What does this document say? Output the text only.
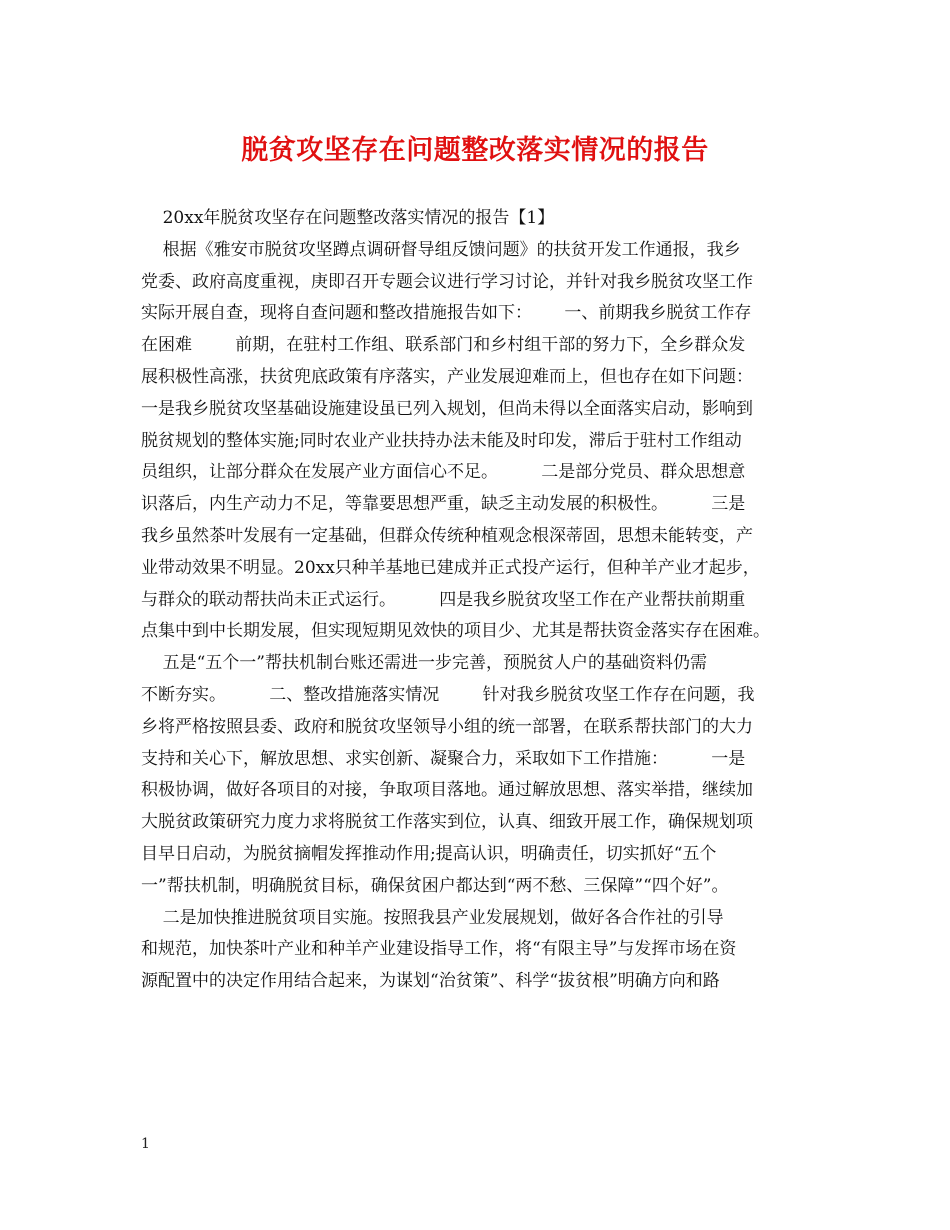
脱贫攻坚存在问题整改落实情况的报告
20xx年脱贫攻坚存在问题整改落实情况的报告【1】
根据《雅安市脱贫攻坚蹲点调研督导组反馈问题》的扶贫开发工作通报，我乡
党委、政府高度重视，庚即召开专题会议进行学习讨论，并针对我乡脱贫攻坚工作
实际开展自查，现将自查问题和整改措施报告如下：      一、前期我乡脱贫工作存
在困难        前期，在驻村工作组、联系部门和乡村组干部的努力下，全乡群众发
展积极性高涨，扶贫兜底政策有序落实，产业发展迎难而上，但也存在如下问题：
一是我乡脱贫攻坚基础设施建设虽已列入规划，但尚未得以全面落实启动，影响到
脱贫规划的整体实施;同时农业产业扶持办法未能及时印发，滞后于驻村工作组动
员组织，让部分群众在发展产业方面信心不足。        二是部分党员、群众思想意
识落后，内生产动力不足，等靠要思想严重，缺乏主动发展的积极性。        三是
我乡虽然茶叶发展有一定基础，但群众传统种植观念根深蒂固，思想未能转变，产
业带动效果不明显。20xx只种羊基地已建成并正式投产运行，但种羊产业才起步，
与群众的联动帮扶尚未正式运行。        四是我乡脱贫攻坚工作在产业帮扶前期重
点集中到中长期发展，但实现短期见效快的项目少、尤其是帮扶资金落实存在困难。
五是“五个一”帮扶机制台账还需进一步完善，预脱贫人户的基础资料仍需
不断夯实。        二、整改措施落实情况        针对我乡脱贫攻坚工作存在问题，我
乡将严格按照县委、政府和脱贫攻坚领导小组的统一部署，在联系帮扶部门的大力
支持和关心下，解放思想、求实创新、凝聚合力，采取如下工作措施：        一是
积极协调，做好各项目的对接，争取项目落地。通过解放思想、落实举措，继续加
大脱贫政策研究力度力求将脱贫工作落实到位，认真、细致开展工作，确保规划项
目早日启动，为脱贫摘帽发挥推动作用;提高认识，明确责任，切实抓好“五个
一”帮扶机制，明确脱贫目标，确保贫困户都达到“两不愁、三保障”“四个好”。
二是加快推进脱贫项目实施。按照我县产业发展规划，做好各合作社的引导
和规范，加快茶叶产业和种羊产业建设指导工作，将“有限主导”与发挥市场在资
源配置中的决定作用结合起来，为谋划“治贫策”、科学“拔贫根”明确方向和路
1
